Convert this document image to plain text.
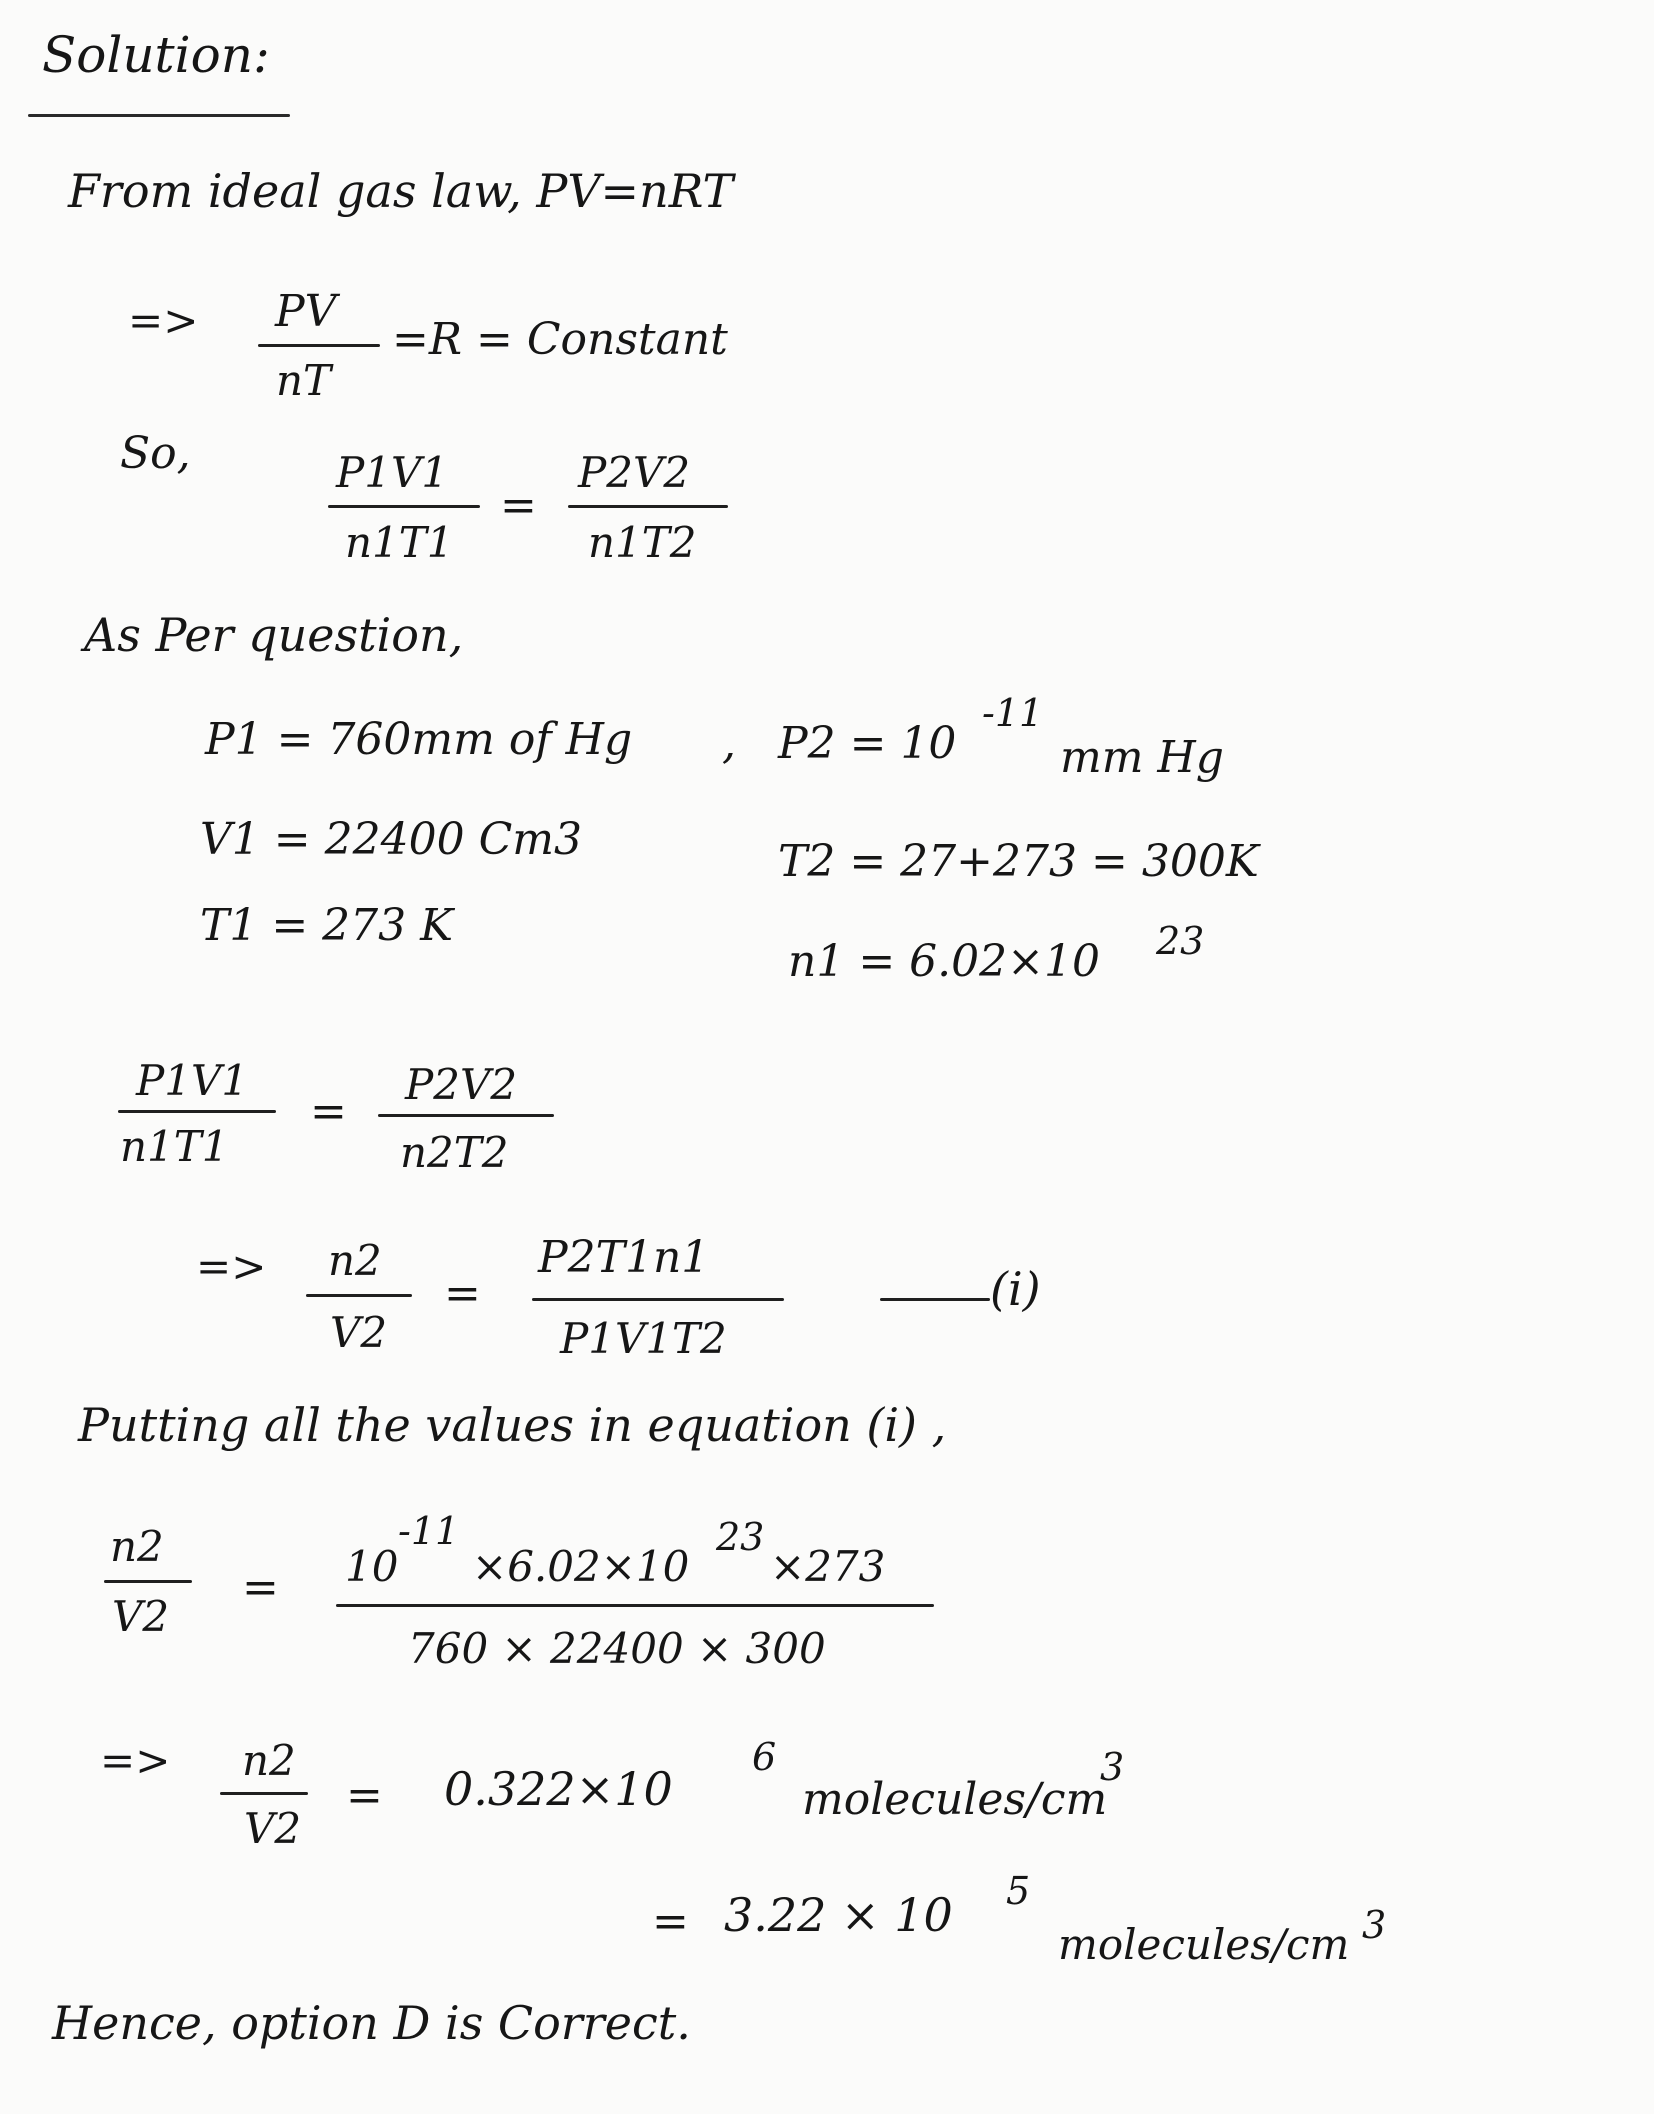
Solution:
From ideal gas law, PV=nRT
=> PV
nT
=R = Constant
So,	P1V1
n1T1
=
P2V2
n1T2
As Per question,
P1 = 760mm of Hg , P2 = 10
-11
mm Hg
V1 = 22400 Cm3	T2 = 27+273 = 300K
T1 = 273 K
n1 = 6.02×10 23
P1V1
n1T1
=
P2V2
n2T2
=> n2
V2
=
P2T1n1
P1V1T2
(i)
Putting all the values in equation (i) ,
n2
V2
= 10
-11
×6.02×10
23
×273
760 × 22400 × 300
=> n2
V2
= 0.322×10
6
molecules/cm
3
= 3.22 × 10 5
molecules/cm 3
Hence, option D is Correct.
